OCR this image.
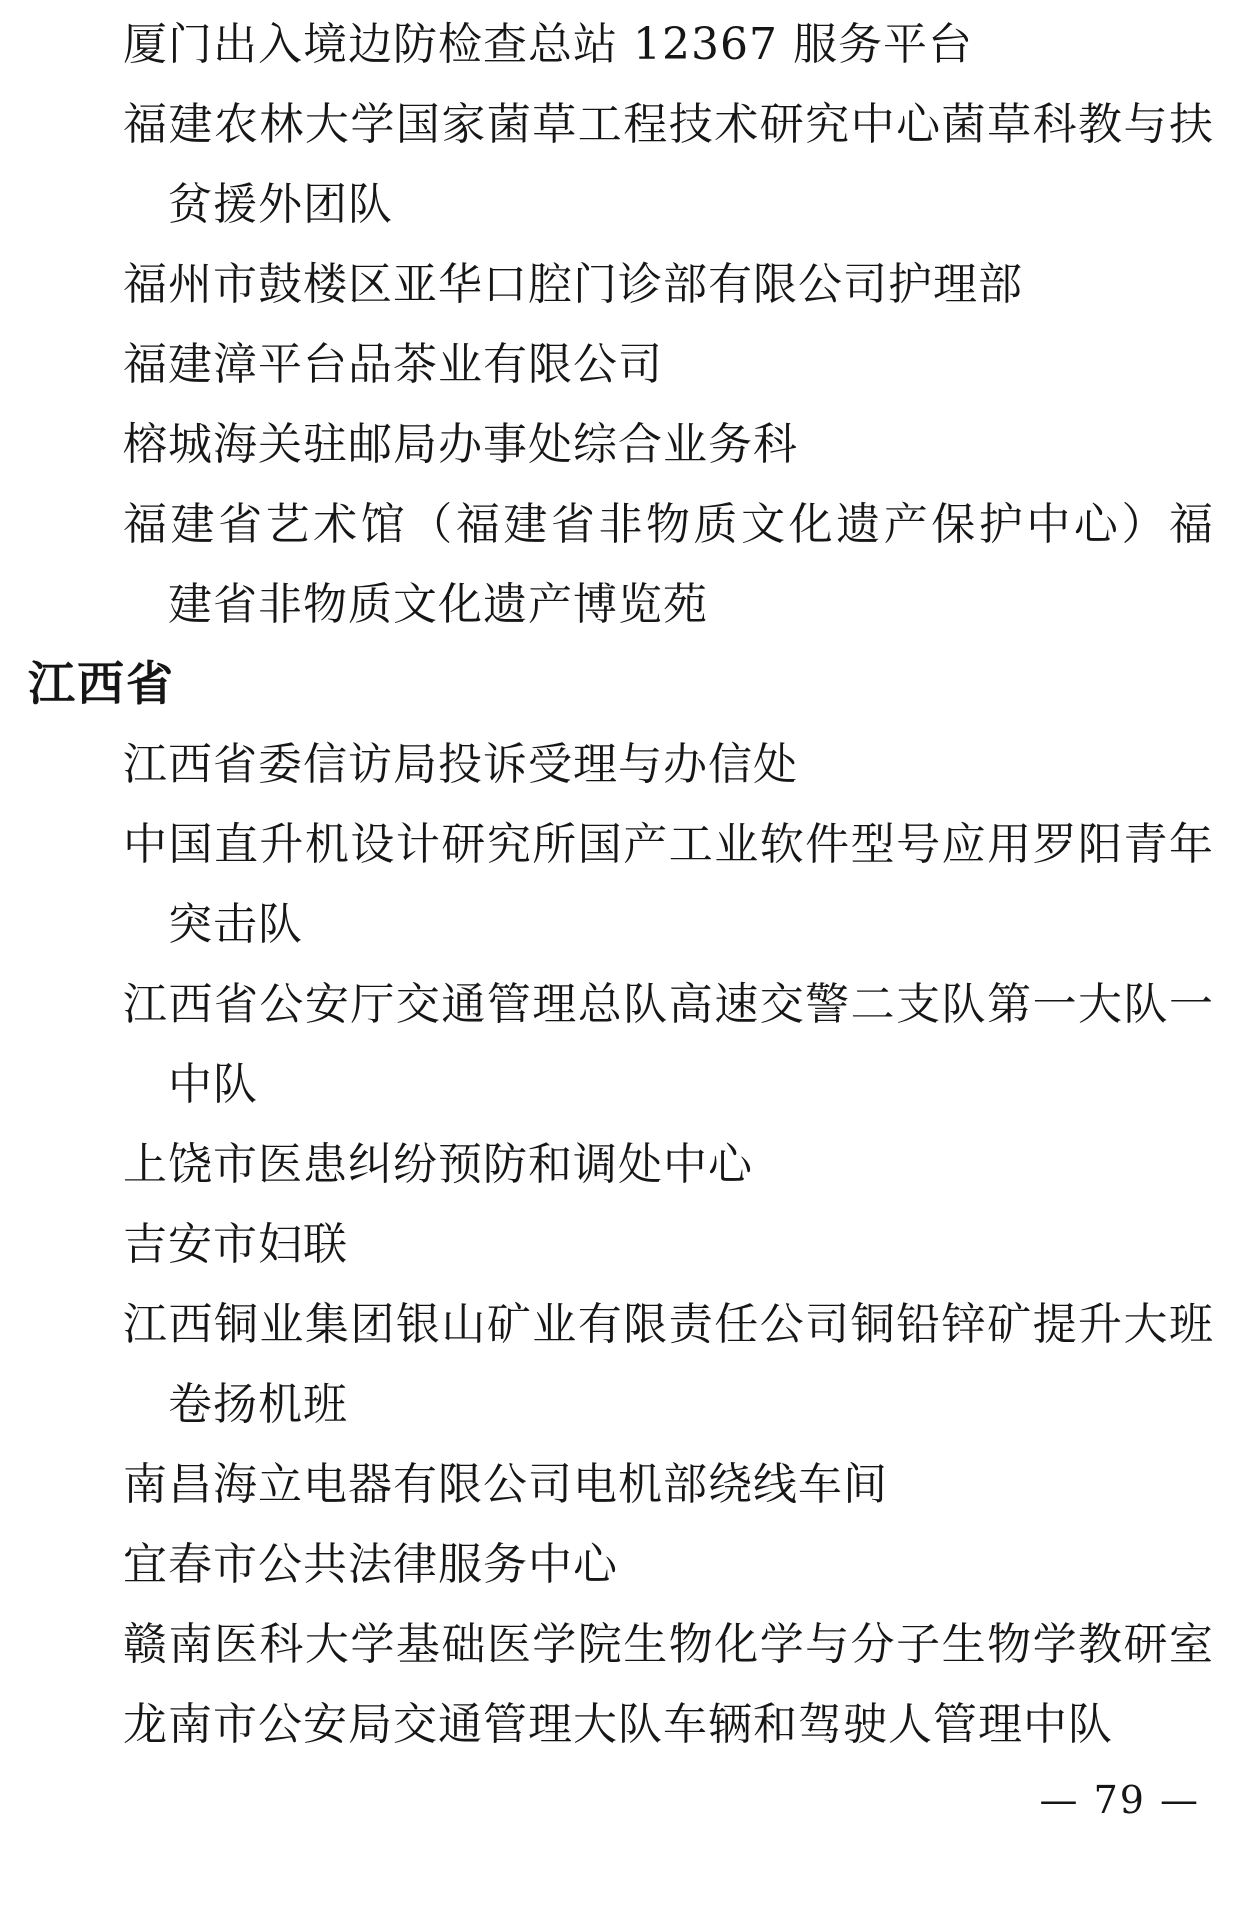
厦门出入境边防检查总站 12367 服务平台
福建农林大学国家菌草工程技术研究中心菌草科教与扶
贫援外团队
福州市鼓楼区亚华口腔门诊部有限公司护理部
福建漳平台品茶业有限公司
榕城海关驻邮局办事处综合业务科
福建省艺术馆（福建省非物质文化遗产保护中心）福
建省非物质文化遗产博览苑
江西省
江西省委信访局投诉受理与办信处
中国直升机设计研究所国产工业软件型号应用罗阳青年
突击队
江西省公安厅交通管理总队高速交警二支队第一大队一
中队
上饶市医患纠纷预防和调处中心
吉安市妇联
江西铜业集团银山矿业有限责任公司铜铅锌矿提升大班
卷扬机班
南昌海立电器有限公司电机部绕线车间
宜春市公共法律服务中心
赣南医科大学基础医学院生物化学与分子生物学教研室
龙南市公安局交通管理大队车辆和驾驶人管理中队
— 79 —
